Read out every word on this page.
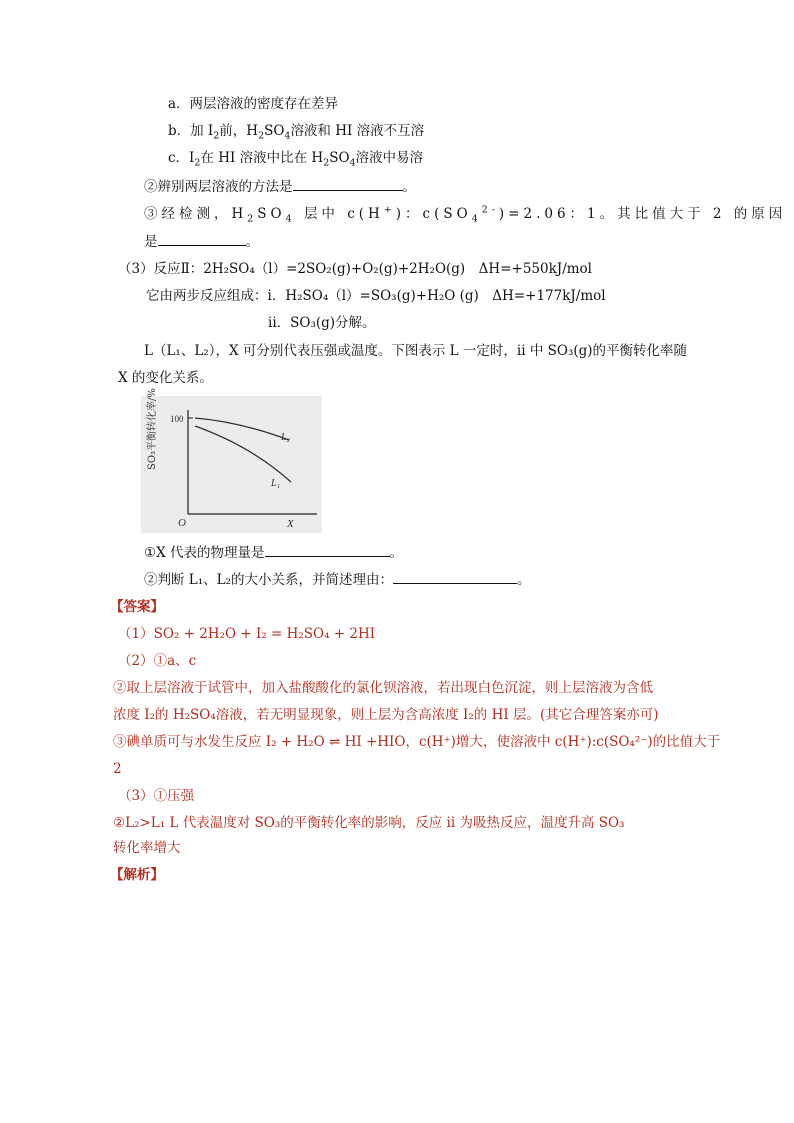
a．两层溶液的密度存在差异
b．加 $I_2$前，$H_2SO_4$溶液和 HI 溶液不互溶
c．$I_2$在 HI 溶液中比在 $H_2SO_4$溶液中易溶
②辨别两层溶液的方法是	。
③经检测，$H_2SO_4$ 层中 c(H+)：$c(SO_4^{2-})=2.06$：1。其比值大于 2 的原因
是	。
（3）反应Ⅱ：2H₂SO₄（l）=2SO₂(g)+O₂(g)+2H₂O(g)　ΔH=+550kJ/mol
它由两步反应组成：i．H₂SO₄（l）=SO₃(g)+H₂O (g)　ΔH=+177kJ/mol
ii．SO₃(g)分解。
L（L₁、L₂），X 可分别代表压强或温度。下图表示 L 一定时，ii 中 SO₃(g)的平衡转化率随
X 的变化关系。
SO₃平衡转化率/% 100
L₂
L₁
O	X
①X 代表的物理量是	。
②判断 L₁、L₂的大小关系，并简述理由：	。
【答案】
（1）SO₂ + 2H₂O + I₂ = H₂SO₄ + 2HI
（2）①a、c
②取上层溶液于试管中，加入盐酸酸化的氯化钡溶液，若出现白色沉淀，则上层溶液为含低
浓度 I₂的 H₂SO₄溶液，若无明显现象，则上层为含高浓度 I₂的 HI 层。(其它合理答案亦可)
③碘单质可与水发生反应 I₂ + H₂O ⇌ HI +HIO，c(H⁺)增大，使溶液中 c(H⁺):c(SO₄²⁻)的比值大于
2
（3）①压强
②L₂>L₁ L 代表温度对 SO₃的平衡转化率的影响，反应 ii 为吸热反应，温度升高 SO₃
转化率增大
【解析】
